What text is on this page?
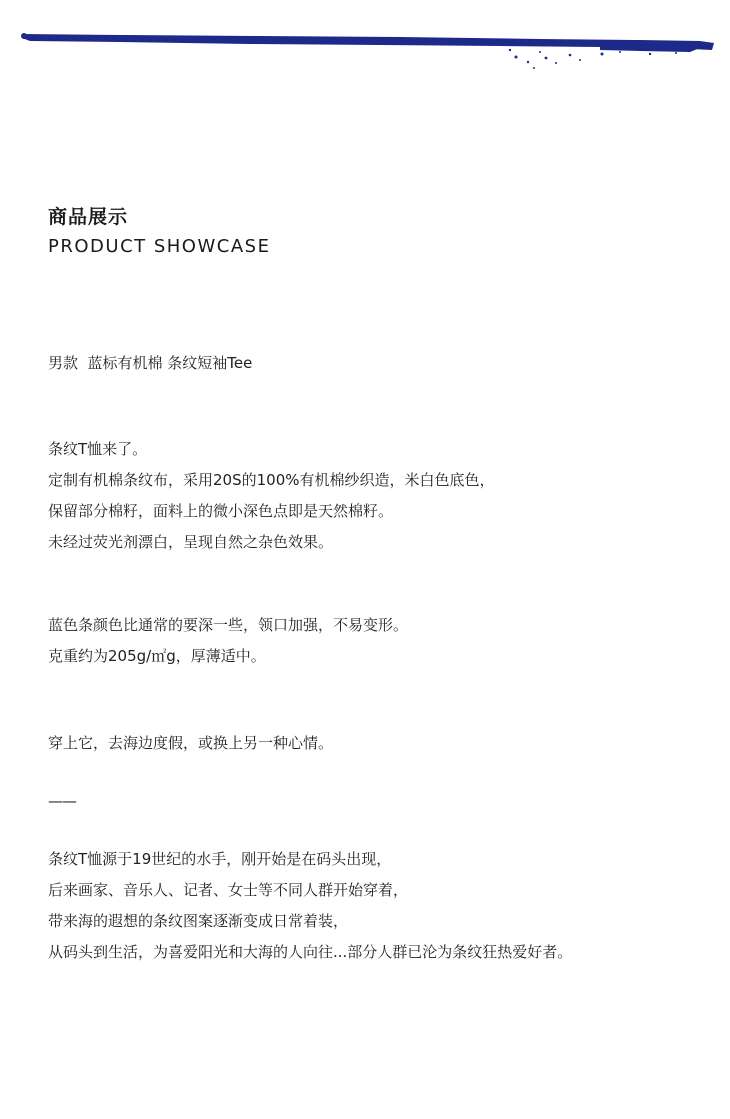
商品展示
PRODUCT SHOWCASE
男款  蓝标有机棉 条纹短袖Tee
条纹T恤来了。
定制有机棉条纹布，采用20S的100%有机棉纱织造，米白色底色，
保留部分棉籽，面料上的微小深色点即是天然棉籽。
未经过荧光剂漂白，呈现自然之杂色效果。
蓝色条颜色比通常的要深一些，领口加强，不易变形。
克重约为205g/㎡g，厚薄适中。
穿上它，去海边度假，或换上另一种心情。
——
条纹T恤源于19世纪的水手，刚开始是在码头出现，
后来画家、音乐人、记者、女士等不同人群开始穿着，
带来海的遐想的条纹图案逐渐变成日常着装，
从码头到生活，为喜爱阳光和大海的人向往...部分人群已沦为条纹狂热爱好者。
